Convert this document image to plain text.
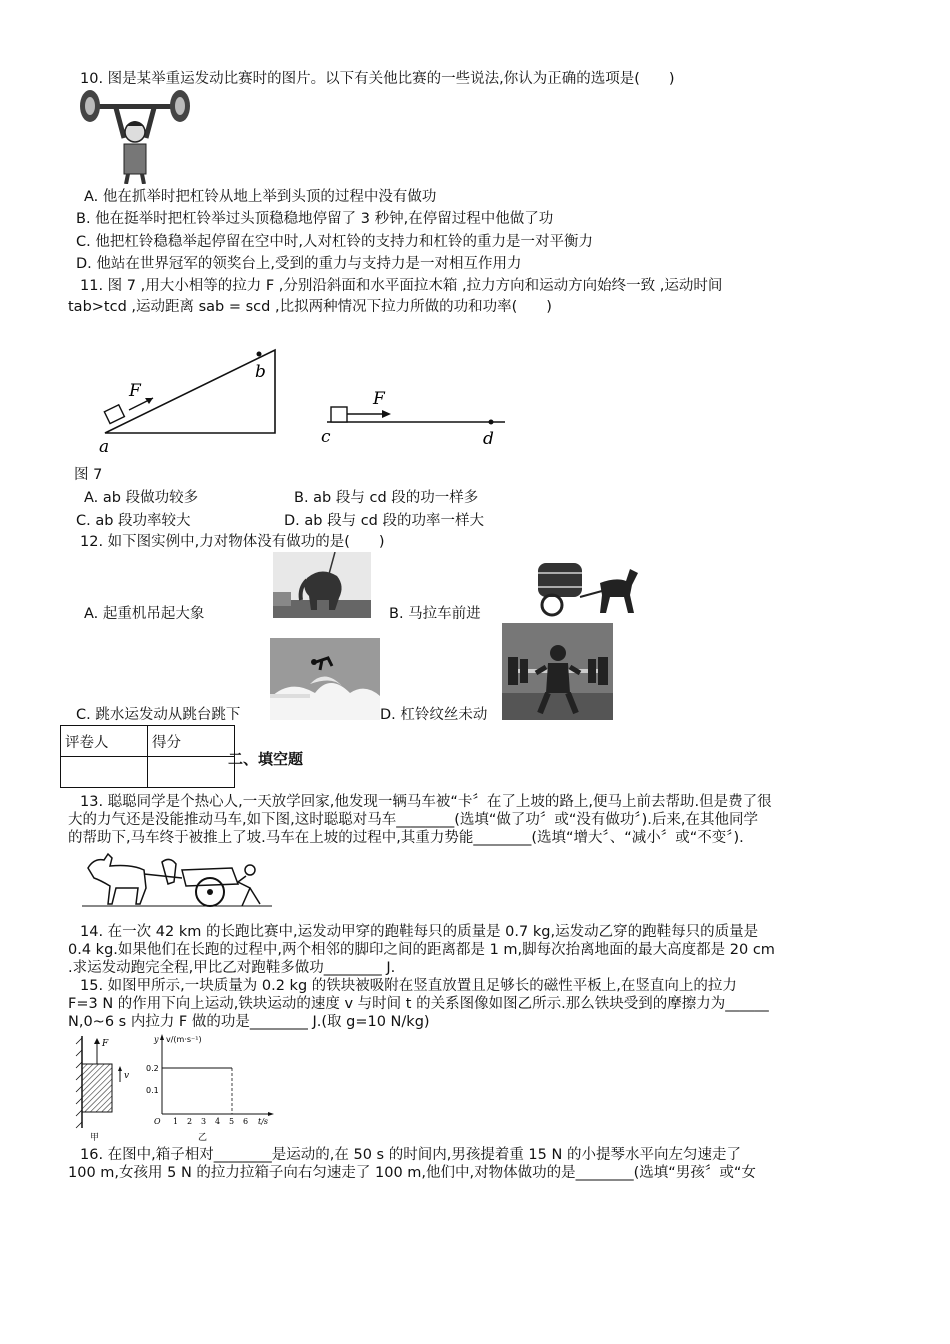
10. 图是某举重运发动比赛时的图片。以下有关他比赛的一些说法,你认为正确的选项是(　　)
A. 他在抓举时把杠铃从地上举到头顶的过程中没有做功
B. 他在挺举时把杠铃举过头顶稳稳地停留了 3 秒钟,在停留过程中他做了功
C. 他把杠铃稳稳举起停留在空中时,人对杠铃的支持力和杠铃的重力是一对平衡力
D. 他站在世界冠军的领奖台上,受到的重力与支持力是一对相互作用力
11. 图 7 ,用大小相等的拉力 F ,分别沿斜面和水平面拉木箱 ,拉力方向和运动方向始终一致 ,运动时间
tab>tcd ,运动距离 sab = scd ,比拟两种情况下拉力所做的功和功率(　　)
F
a
b
F
c	d
图 7
A. ab 段做功较多	B. ab 段与 cd 段的功一样多
C. ab 段功率较大	D. ab 段与 cd 段的功率一样大
12. 如下图实例中,力对物体没有做功的是(　　)
A. 起重机吊起大象	B. 马拉车前进
C. 跳水运发动从跳台跳下	D. 杠铃纹丝未动
评卷人	得分

二、填空题
13. 聪聪同学是个热心人,一天放学回家,他发现一辆马车被“卡〞在了上坡的路上,便马上前去帮助.但是费了很
大的力气还是没能推动马车,如下图,这时聪聪对马车________(选填“做了功〞或“没有做功〞).后来,在其他同学
的帮助下,马车终于被推上了坡.马车在上坡的过程中,其重力势能________(选填“增大〞、“减小〞或“不变〞).
14. 在一次 42 km 的长跑比赛中,运发动甲穿的跑鞋每只的质量是 0.7 kg,运发动乙穿的跑鞋每只的质量是
0.4 kg.如果他们在长跑的过程中,两个相邻的脚印之间的距离都是 1 m,脚每次抬离地面的最大高度都是 20 cm
.求运发动跑完全程,甲比乙对跑鞋多做功________ J.
15. 如图甲所示,一块质量为 0.2 kg 的铁块被吸附在竖直放置且足够长的磁性平板上,在竖直向上的拉力
F=3 N 的作用下向上运动,铁块运动的速度 v 与时间 t 的关系图像如图乙所示.那么铁块受到的摩擦力为______
N,0~6 s 内拉力 F 做的功是________ J.(取 g=10 N/kg)
F
v
甲
v/(m·s⁻¹)
y
0.2
0.1
O 1 2 3 4 5 6 t/s
乙
16. 在图中,箱子相对________是运动的,在 50 s 的时间内,男孩提着重 15 N 的小提琴水平向左匀速走了
100 m,女孩用 5 N 的拉力拉箱子向右匀速走了 100 m,他们中,对物体做功的是________(选填“男孩〞或“女
